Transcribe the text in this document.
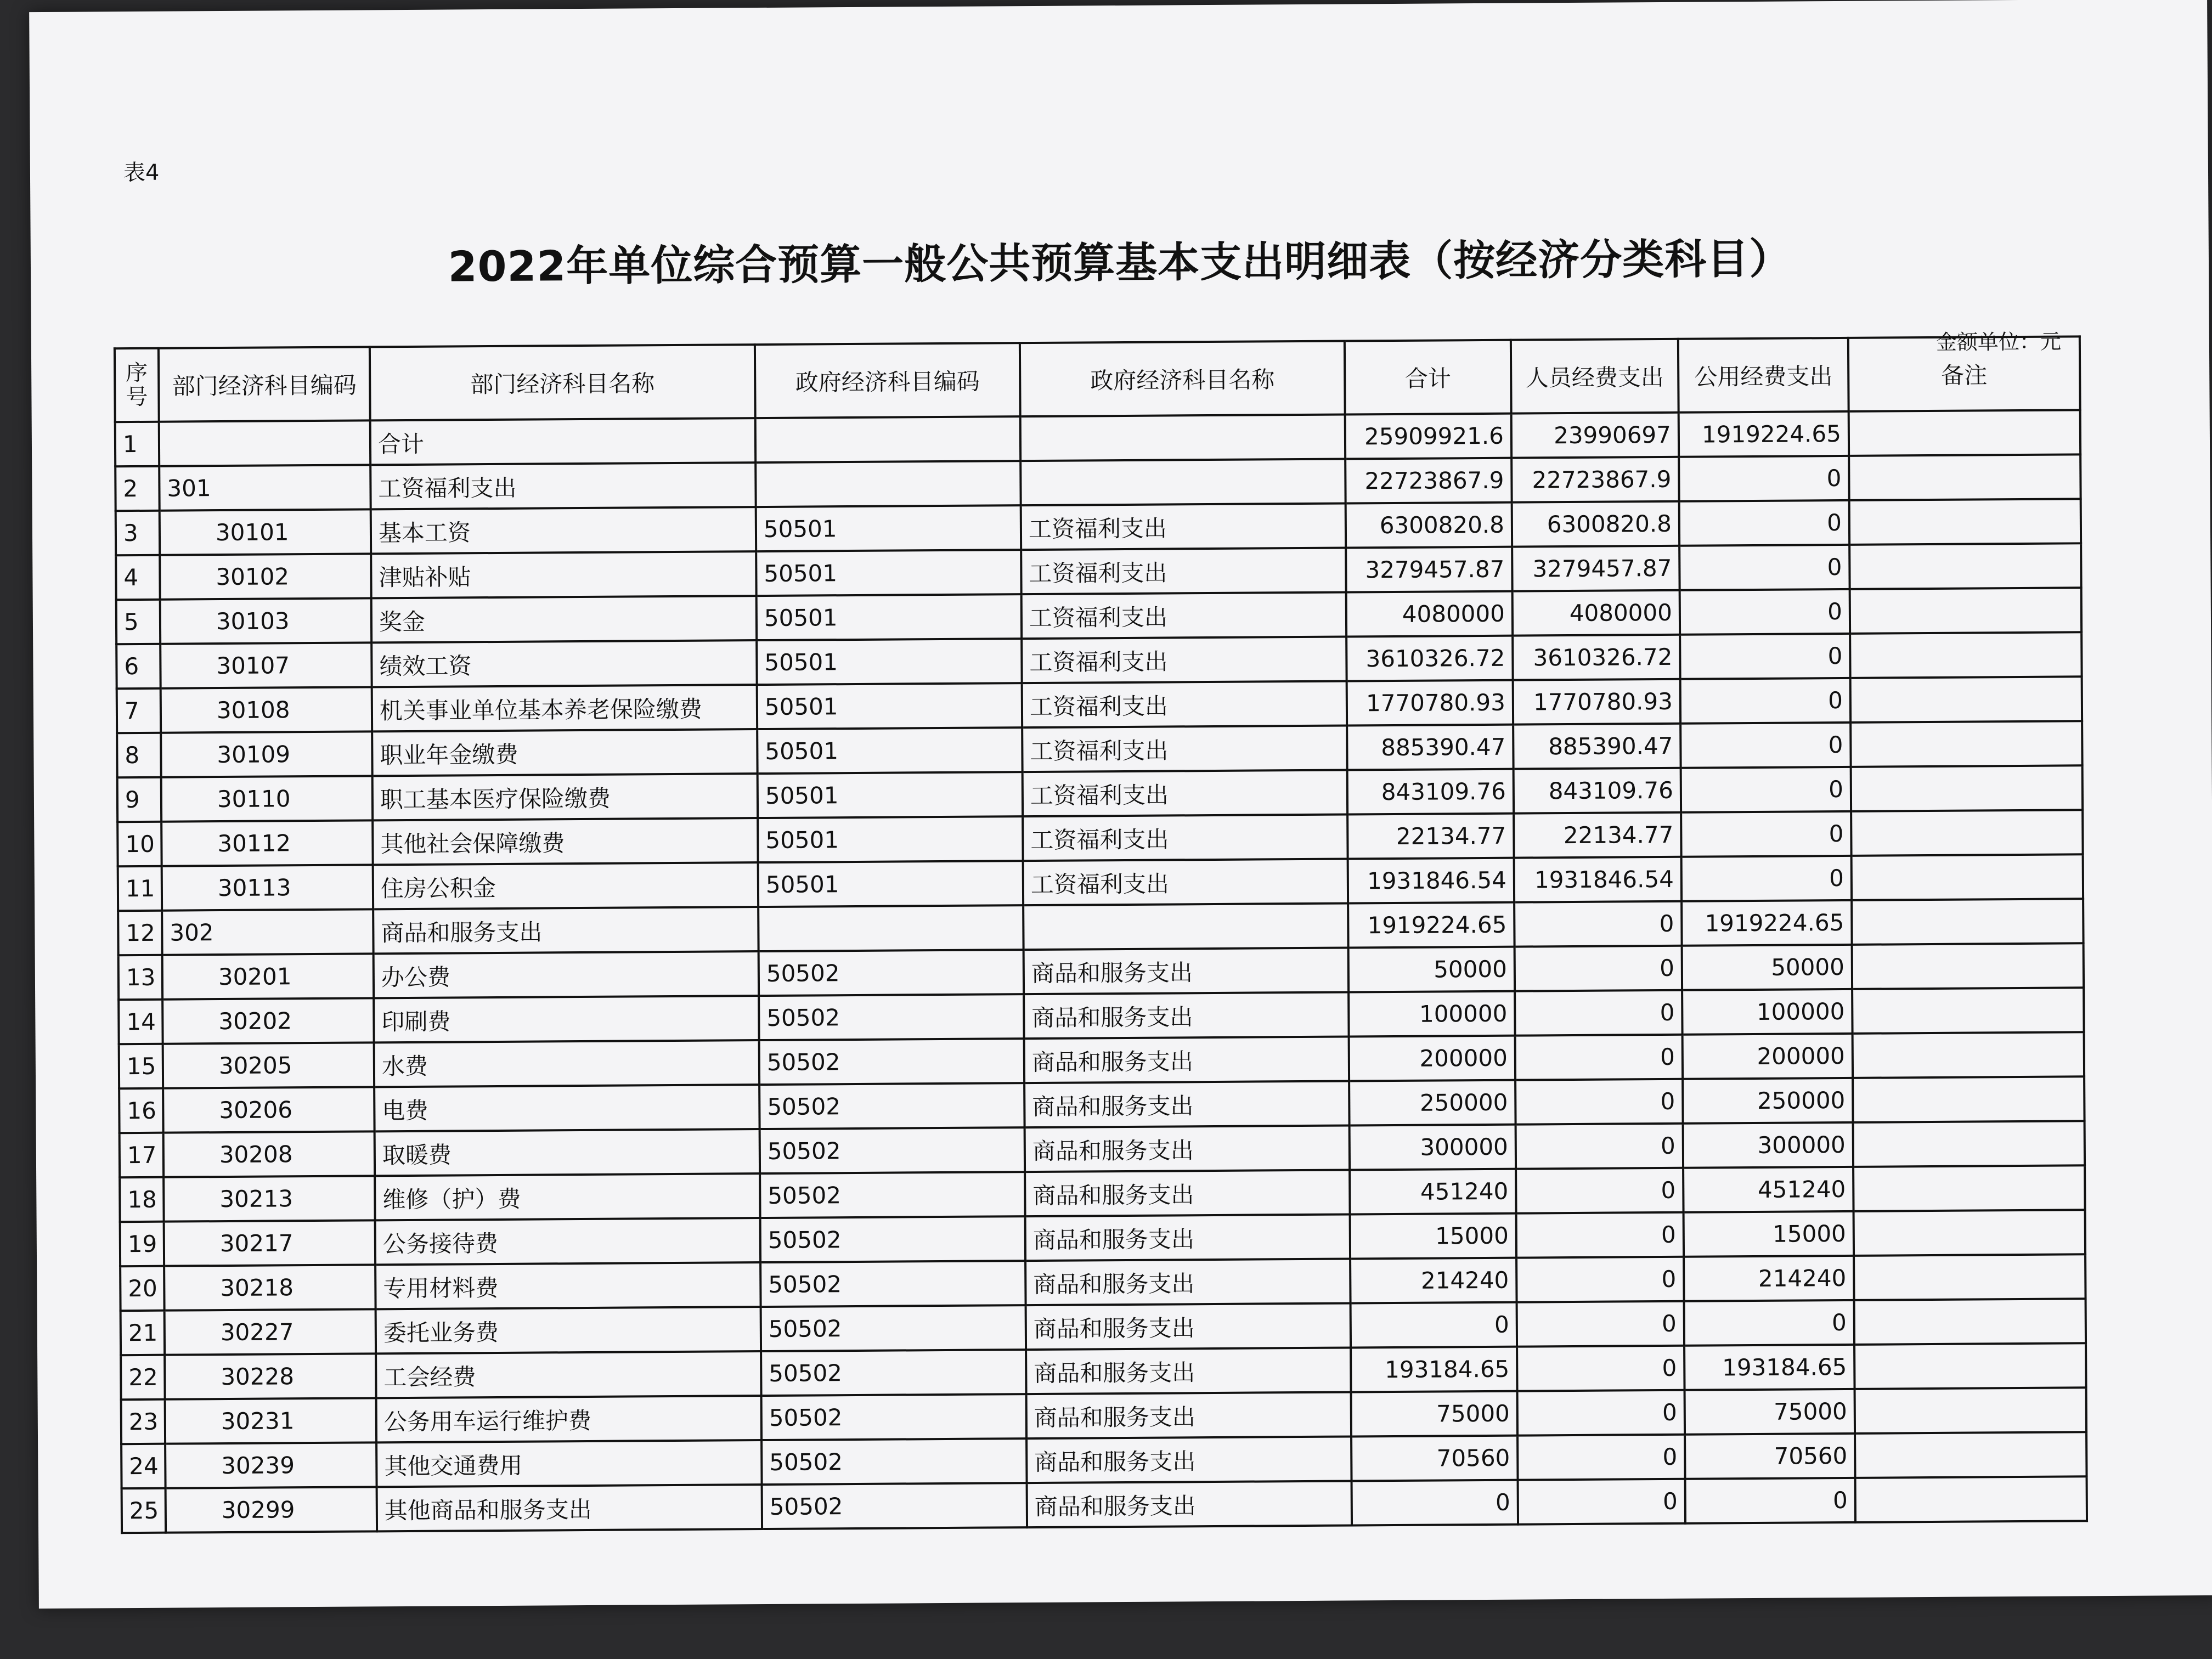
表4
2022年单位综合预算一般公共预算基本支出明细表（按经济分类科目）
金额单位：元
序号	部门经济科目编码	部门经济科目名称	政府经济科目编码	政府经济科目名称	合计	人员经费支出	公用经费支出	备注
1		合计			25909921.6	23990697	1919224.65	
2	301	工资福利支出			22723867.9	22723867.9	0	
3	30101	基本工资	50501	工资福利支出	6300820.8	6300820.8	0	
4	30102	津贴补贴	50501	工资福利支出	3279457.87	3279457.87	0	
5	30103	奖金	50501	工资福利支出	4080000	4080000	0	
6	30107	绩效工资	50501	工资福利支出	3610326.72	3610326.72	0	
7	30108	机关事业单位基本养老保险缴费	50501	工资福利支出	1770780.93	1770780.93	0	
8	30109	职业年金缴费	50501	工资福利支出	885390.47	885390.47	0	
9	30110	职工基本医疗保险缴费	50501	工资福利支出	843109.76	843109.76	0	
10	30112	其他社会保障缴费	50501	工资福利支出	22134.77	22134.77	0	
11	30113	住房公积金	50501	工资福利支出	1931846.54	1931846.54	0	
12	302	商品和服务支出			1919224.65	0	1919224.65	
13	30201	办公费	50502	商品和服务支出	50000	0	50000	
14	30202	印刷费	50502	商品和服务支出	100000	0	100000	
15	30205	水费	50502	商品和服务支出	200000	0	200000	
16	30206	电费	50502	商品和服务支出	250000	0	250000	
17	30208	取暖费	50502	商品和服务支出	300000	0	300000	
18	30213	维修（护）费	50502	商品和服务支出	451240	0	451240	
19	30217	公务接待费	50502	商品和服务支出	15000	0	15000	
20	30218	专用材料费	50502	商品和服务支出	214240	0	214240	
21	30227	委托业务费	50502	商品和服务支出	0	0	0	
22	30228	工会经费	50502	商品和服务支出	193184.65	0	193184.65	
23	30231	公务用车运行维护费	50502	商品和服务支出	75000	0	75000	
24	30239	其他交通费用	50502	商品和服务支出	70560	0	70560	
25	30299	其他商品和服务支出	50502	商品和服务支出	0	0	0	
